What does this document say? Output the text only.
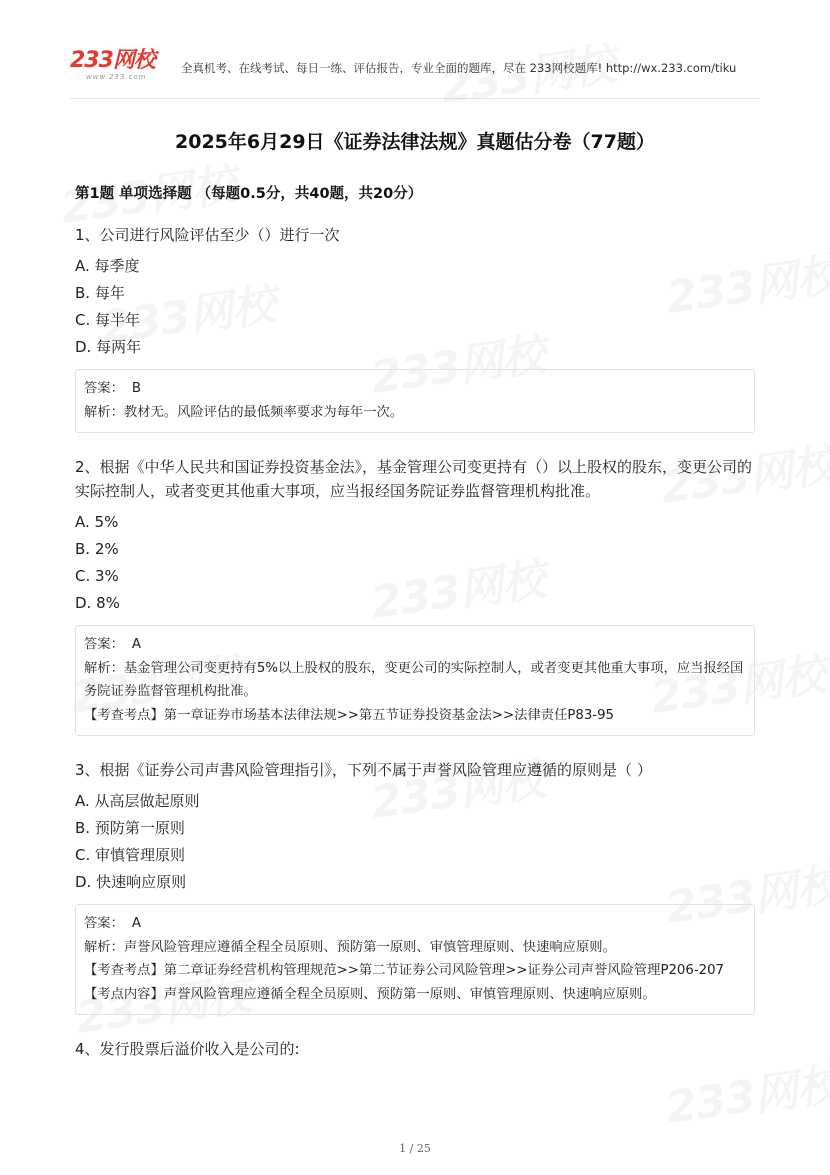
233网校
www.233.com
全真机考、在线考试、每日一练、评估报告，专业全面的题库，尽在 233网校题库! http://wx.233.com/tiku
2025年6月29日《证券法律法规》真题估分卷（77题）
第1题 单项选择题 （每题0.5分，共40题，共20分）
1、公司进行风险评估至少（）进行一次
A. 每季度
B. 每年
C. 每半年
D. 每两年
答案： B
解析：教材无。风险评估的最低频率要求为每年一次。
2、根据《中华人民共和国证券投资基金法》，基金管理公司变更持有（）以上股权的股东，变更公司的实际控制人，或者变更其他重大事项，应当报经国务院证券监督管理机构批准。
A. 5%
B. 2%
C. 3%
D. 8%
答案： A
解析：基金管理公司变更持有5%以上股权的股东，变更公司的实际控制人，或者变更其他重大事项，应当报经国务院证券监督管理机构批准。
【考查考点】第一章证券市场基本法律法规>>第五节证券投资基金法>>法律责任P83-95
3、根据《证券公司声書风险管理指引》，下列不属于声誉风险管理应遵循的原则是（ ）
A. 从高层做起原则
B. 预防第一原则
C. 审慎管理原则
D. 快速响应原则
答案： A
解析：声誉风险管理应遵循全程全员原则、预防第一原则、审慎管理原则、快速响应原则。
【考查考点】第二章证券经营机构管理规范>>第二节证券公司风险管理>>证券公司声誉风险管理P206-207
【考点内容】声誉风险管理应遵循全程全员原则、预防第一原则、审慎管理原则、快速响应原则。
4、发行股票后溢价收入是公司的:
1 / 25
